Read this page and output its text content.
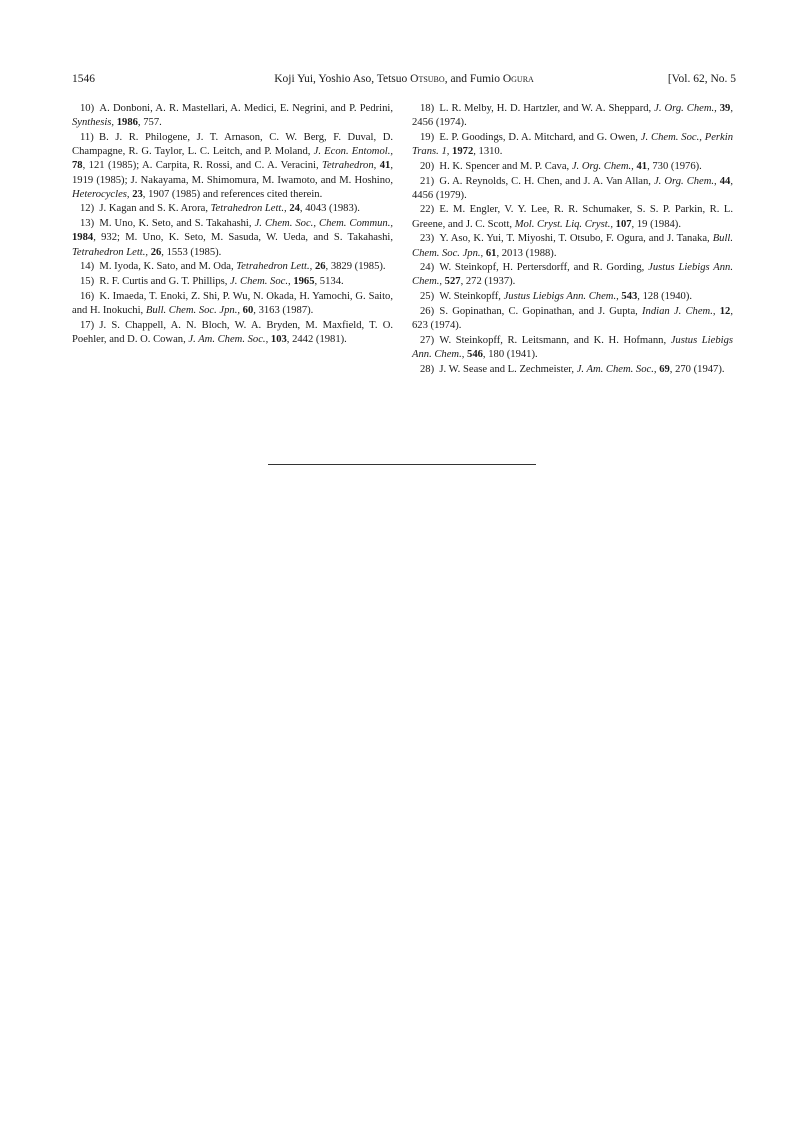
1546	Koji Yui, Yoshio Aso, Tetsuo Otsubo, and Fumio Ogura	[Vol. 62, No. 5

10)  A. Donboni, A. R. Mastellari, A. Medici, E. Negrini, and P. Pedrini, Synthesis, 1986, 757.

11)  B. J. R. Philogene, J. T. Arnason, C. W. Berg, F. Duval, D. Champagne, R. G. Taylor, L. C. Leitch, and P. Moland, J. Econ. Entomol., 78, 121 (1985); A. Carpita, R. Rossi, and C. A. Veracini, Tetrahedron, 41, 1919 (1985); J. Nakayama, M. Shimomura, M. Iwamoto, and M. Hoshino, Heterocycles, 23, 1907 (1985) and references cited therein.

12)  J. Kagan and S. K. Arora, Tetrahedron Lett., 24, 4043 (1983).

13)  M. Uno, K. Seto, and S. Takahashi, J. Chem. Soc., Chem. Commun., 1984, 932; M. Uno, K. Seto, M. Sasuda, W. Ueda, and S. Takahashi, Tetrahedron Lett., 26, 1553 (1985).

14)  M. Iyoda, K. Sato, and M. Oda, Tetrahedron Lett., 26, 3829 (1985).

15)  R. F. Curtis and G. T. Phillips, J. Chem. Soc., 1965, 5134.

16)  K. Imaeda, T. Enoki, Z. Shi, P. Wu, N. Okada, H. Yamochi, G. Saito, and H. Inokuchi, Bull. Chem. Soc. Jpn., 60, 3163 (1987).

17)  J. S. Chappell, A. N. Bloch, W. A. Bryden, M. Maxfield, T. O. Poehler, and D. O. Cowan, J. Am. Chem. Soc., 103, 2442 (1981).

18)  L. R. Melby, H. D. Hartzler, and W. A. Sheppard, J. Org. Chem., 39, 2456 (1974).

19)  E. P. Goodings, D. A. Mitchard, and G. Owen, J. Chem. Soc., Perkin Trans. 1, 1972, 1310.

20)  H. K. Spencer and M. P. Cava, J. Org. Chem., 41, 730 (1976).

21)  G. A. Reynolds, C. H. Chen, and J. A. Van Allan, J. Org. Chem., 44, 4456 (1979).

22)  E. M. Engler, V. Y. Lee, R. R. Schumaker, S. S. P. Parkin, R. L. Greene, and J. C. Scott, Mol. Cryst. Liq. Cryst., 107, 19 (1984).

23)  Y. Aso, K. Yui, T. Miyoshi, T. Otsubo, F. Ogura, and J. Tanaka, Bull. Chem. Soc. Jpn., 61, 2013 (1988).

24)  W. Steinkopf, H. Pertersdorff, and R. Gording, Justus Liebigs Ann. Chem., 527, 272 (1937).

25)  W. Steinkopff, Justus Liebigs Ann. Chem., 543, 128 (1940).

26)  S. Gopinathan, C. Gopinathan, and J. Gupta, Indian J. Chem., 12, 623 (1974).

27)  W. Steinkopff, R. Leitsmann, and K. H. Hofmann, Justus Liebigs Ann. Chem., 546, 180 (1941).

28)  J. W. Sease and L. Zechmeister, J. Am. Chem. Soc., 69, 270 (1947).
